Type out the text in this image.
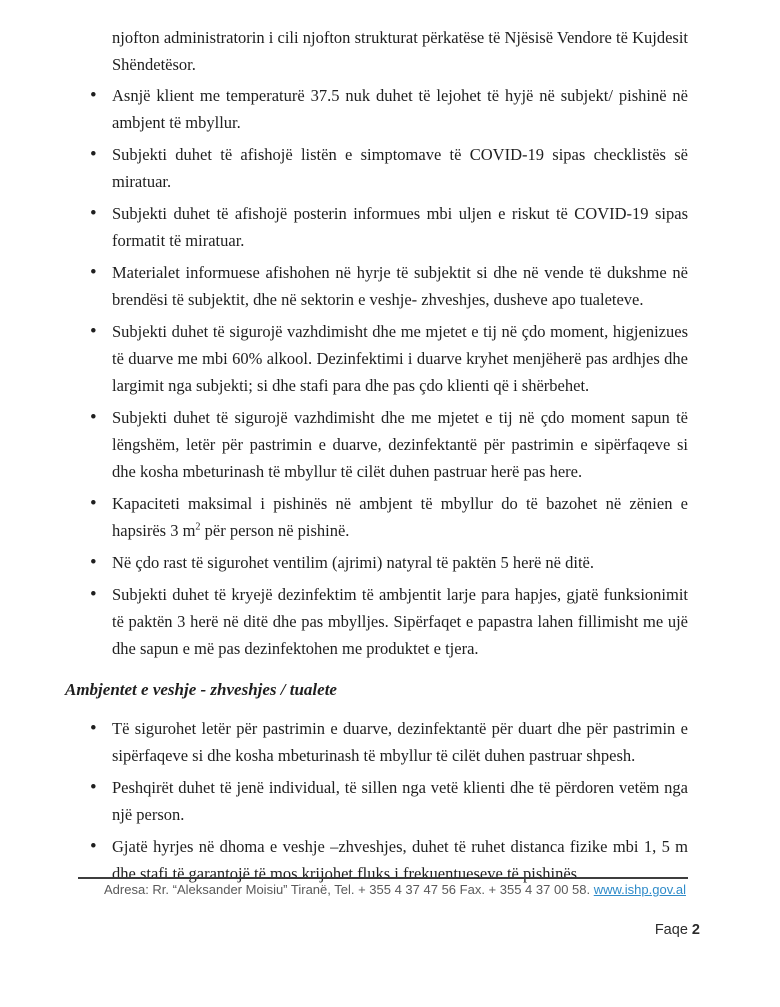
njofton administratorin i cili njofton strukturat përkatëse të Njësisë Vendore të Kujdesit Shëndetësor.

• Asnjë klient me temperaturë 37.5 nuk duhet të lejohet të hyjë në subjekt/ pishinë në ambjent të mbyllur.
• Subjekti duhet të afishojë listën e simptomave të COVID-19 sipas checklistës së miratuar.
• Subjekti duhet të afishojë posterin informues mbi uljen e riskut të COVID-19 sipas formatit të miratuar.
• Materialet informuese afishohen në hyrje të subjektit si dhe në vende të dukshme në brendësi të subjektit, dhe në sektorin e veshje- zhveshjes, dusheve apo tualeteve.
• Subjekti duhet të sigurojë vazhdimisht dhe me mjetet e tij në çdo moment, higjenizues të duarve me mbi 60% alkool. Dezinfektimi i duarve kryhet menjëherë pas ardhjes dhe largimit nga subjekti; si dhe stafi para dhe pas çdo klienti që i shërbehet.
• Subjekti duhet të sigurojë vazhdimisht dhe me mjetet e tij në çdo moment sapun të lëngshëm, letër për pastrimin e duarve, dezinfektantë për pastrimin e sipërfaqeve si dhe kosha mbeturinash të mbyllur të cilët duhen pastruar herë pas here.
• Kapaciteti maksimal i pishinës në ambjent të mbyllur do të bazohet në zënien e hapsirës 3 $m^2$ për person në pishinë.
• Në çdo rast të sigurohet ventilim (ajrimi) natyral të paktën 5 herë në ditë.
• Subjekti duhet të kryejë dezinfektim të ambjentit larje para hapjes, gjatë funksionimit të paktën 3 herë në ditë dhe pas mbylljes. Sipërfaqet e papastra lahen fillimisht me ujë dhe sapun e më pas dezinfektohen me produktet e tjera.
Ambjentet e veshje - zhveshjes / tualete
• Të sigurohet letër për pastrimin e duarve, dezinfektantë për duart dhe për pastrimin e sipërfaqeve si dhe kosha mbeturinash të mbyllur të cilët duhen pastruar shpesh.
• Peshqirët duhet të jenë individual, të sillen nga vetë klienti dhe të përdoren vetëm nga një person.
• Gjatë hyrjes në dhoma e veshje –zhveshjes, duhet të ruhet distanca fizike mbi 1, 5 m dhe stafi të garantojë të mos krijohet fluks i frekuentueseve të pishinës.
Adresa: Rr. “Aleksander Moisiu” Tiranë, Tel. + 355 4 37 47 56 Fax. + 355 4 37 00 58. www.ishp.gov.al
Faqe 2
